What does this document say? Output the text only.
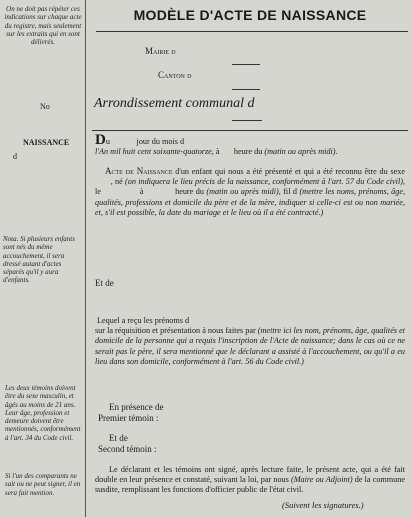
MODÈLE D'ACTE DE NAISSANCE
On ne doit pas répéter ces indications sur chaque acte du registre, mais seulement sur les extraits qui en sont délivrés.
Nota. Si plusieurs enfants sont nés du même accouchement, il sera dressé autant d'actes séparés qu'il y aura d'enfants.
Les deux témoins doivent être du sexe masculin, et âgés au moins de 21 ans. Leur âge, profession et demeure doivent être mentionnés, conformément à l'art. 34 du Code civil.
Si l'un des comparants ne sait ou ne peut signer, il en sera fait mention.
Mairie d
Canton d
Arrondissement communal d
No
NAISSANCE
d
Du	jour du mois d
l'An mil huit cent soixante-quatorze, à heure du (matin ou après midi).
Acte de Naissance d'un enfant qui nous a été présenté et qui a été reconnu être du sexe        , né (on indiquera le lieu précis de la naissance, conformément à l'art. 57 du Code civil), le	à	heure du (matin ou après midi), fil d (mettre les noms, prénoms, âge, qualités, professions et domicile du père et de la mère, indiquer si celle-ci est ou non mariée, et, s'il est possible, la date du mariage et le lieu où il a été contracté.)
Et de
Lequel a reçu les prénoms d
sur la réquisition et présentation à nous faites par (mettre ici les nom, prénoms, âge, qualités et domicile de la personne qui a requis l'inscription de l'Acte de naissance; dans le cas où ce ne serait pas le père, il sera mentionné que le déclarant a assisté à l'accouchement, ou qu'il a eu lieu dans son domicile, conformément à l'art. 56 du Code civil.)
En présence de
Premier témoin :
Et de
Second témoin :
Le déclarant et les témoins ont signé, après lecture faite, le présent acte, qui a été fait double en leur présence et constaté, suivant la loi, par nous (Maire ou Adjoint) de la commune susdite, remplissant les fonctions d'officier public de l'état civil.
(Suivent les signatures.)
